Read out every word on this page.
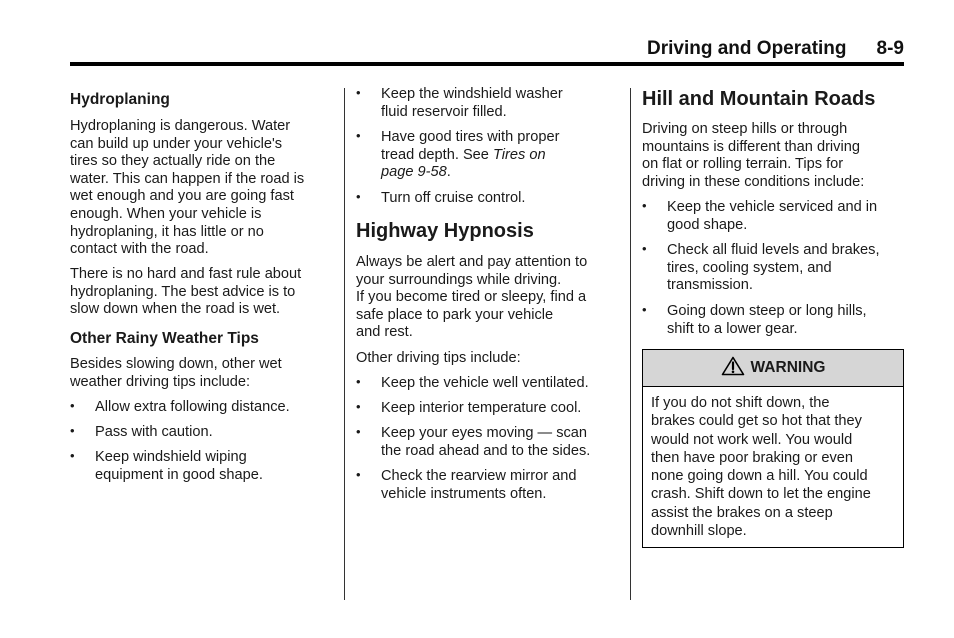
Driving and Operating 8-9
Hydroplaning
Hydroplaning is dangerous. Water
can build up under your vehicle's
tires so they actually ride on the
water. This can happen if the road is
wet enough and you are going fast
enough. When your vehicle is
hydroplaning, it has little or no
contact with the road.
There is no hard and fast rule about
hydroplaning. The best advice is to
slow down when the road is wet.
Other Rainy Weather Tips
Besides slowing down, other wet
weather driving tips include:
• Allow extra following distance.
• Pass with caution.
• Keep windshield wiping
equipment in good shape.
• Keep the windshield washer
fluid reservoir filled.
• Have good tires with proper
tread depth. See Tires on
page 9-58.
• Turn off cruise control.
Highway Hypnosis
Always be alert and pay attention to
your surroundings while driving.
If you become tired or sleepy, find a
safe place to park your vehicle
and rest.
Other driving tips include:
• Keep the vehicle well ventilated.
• Keep interior temperature cool.
• Keep your eyes moving — scan
the road ahead and to the sides.
• Check the rearview mirror and
vehicle instruments often.
Hill and Mountain Roads
Driving on steep hills or through
mountains is different than driving
on flat or rolling terrain. Tips for
driving in these conditions include:
• Keep the vehicle serviced and in
good shape.
• Check all fluid levels and brakes,
tires, cooling system, and
transmission.
• Going down steep or long hills,
shift to a lower gear.
WARNING
If you do not shift down, the
brakes could get so hot that they
would not work well. You would
then have poor braking or even
none going down a hill. You could
crash. Shift down to let the engine
assist the brakes on a steep
downhill slope.
